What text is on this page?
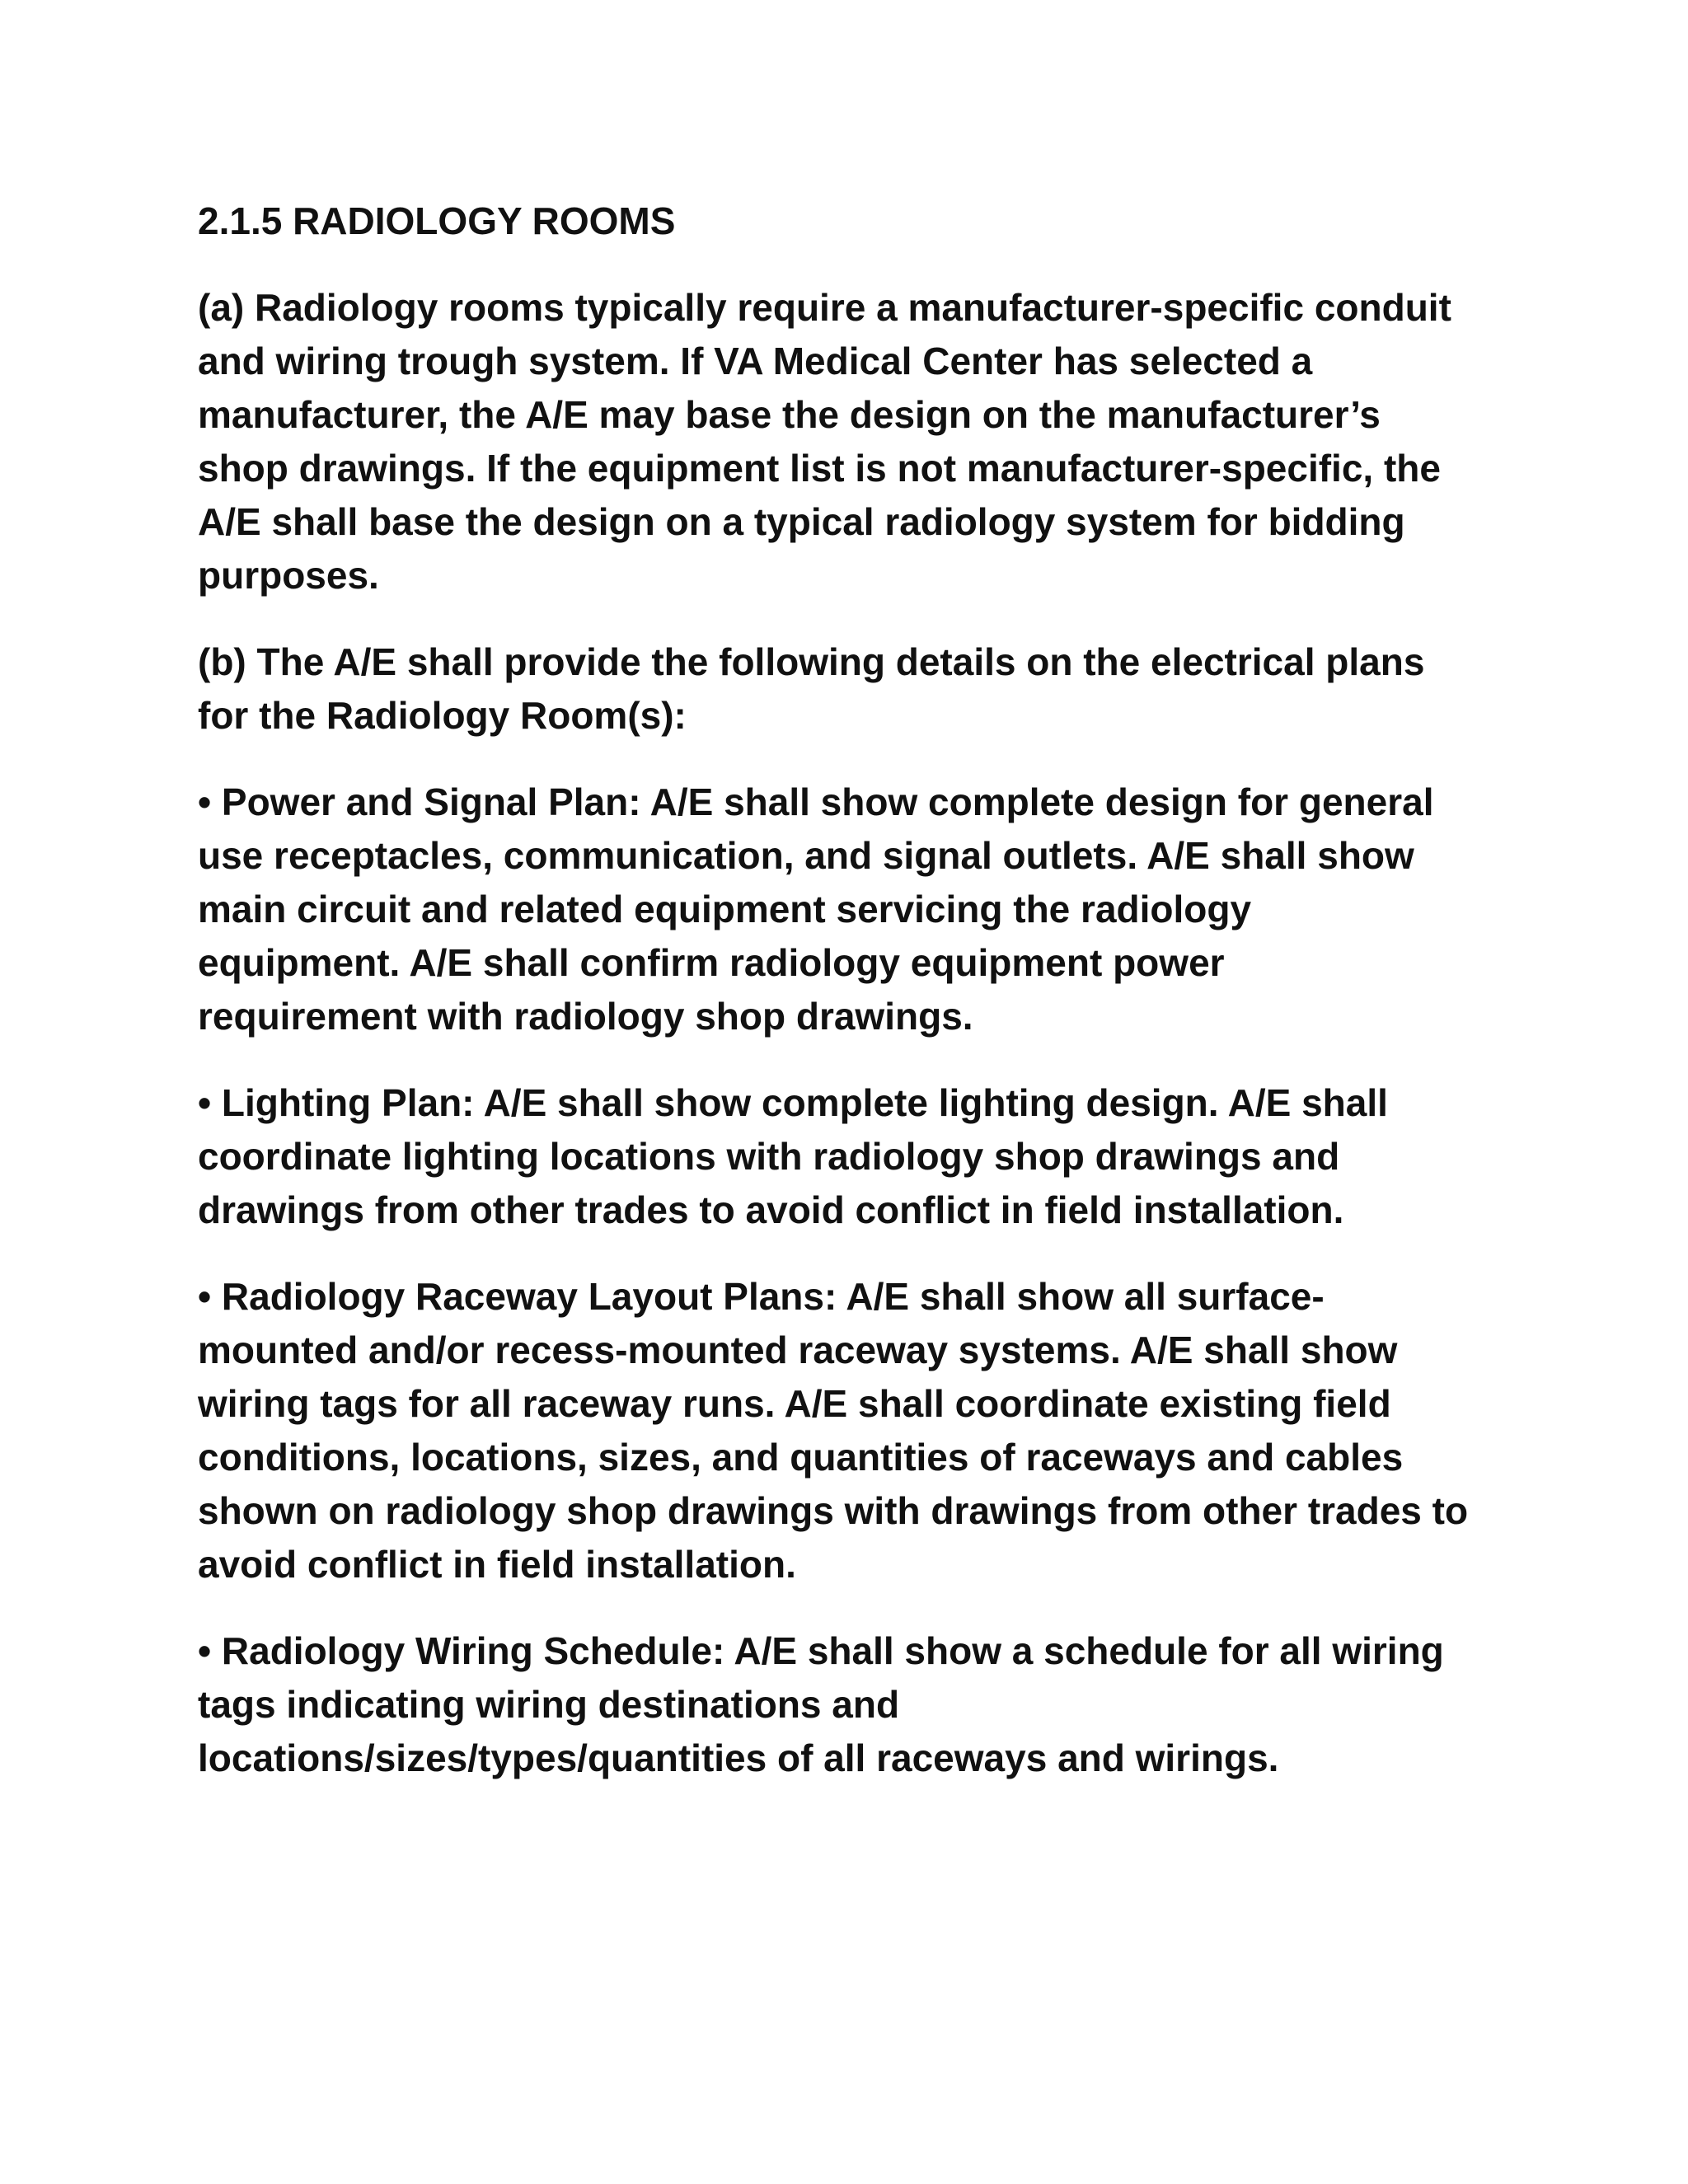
2.1.5 RADIOLOGY ROOMS

(a) Radiology rooms typically require a manufacturer-specific conduit
and wiring trough system. If VA Medical Center has selected a
manufacturer, the A/E may base the design on the manufacturer’s
shop drawings. If the equipment list is not manufacturer-specific, the
A/E shall base the design on a typical radiology system for bidding
purposes.

(b) The A/E shall provide the following details on the electrical plans
for the Radiology Room(s):

• Power and Signal Plan: A/E shall show complete design for general
use receptacles, communication, and signal outlets. A/E shall show
main circuit and related equipment servicing the radiology
equipment. A/E shall confirm radiology equipment power
requirement with radiology shop drawings.

• Lighting Plan: A/E shall show complete lighting design. A/E shall
coordinate lighting locations with radiology shop drawings and
drawings from other trades to avoid conflict in field installation.

• Radiology Raceway Layout Plans: A/E shall show all surface-
mounted and/or recess-mounted raceway systems. A/E shall show
wiring tags for all raceway runs. A/E shall coordinate existing field
conditions, locations, sizes, and quantities of raceways and cables
shown on radiology shop drawings with drawings from other trades to
avoid conflict in field installation.

• Radiology Wiring Schedule: A/E shall show a schedule for all wiring
tags indicating wiring destinations and
locations/sizes/types/quantities of all raceways and wirings.
